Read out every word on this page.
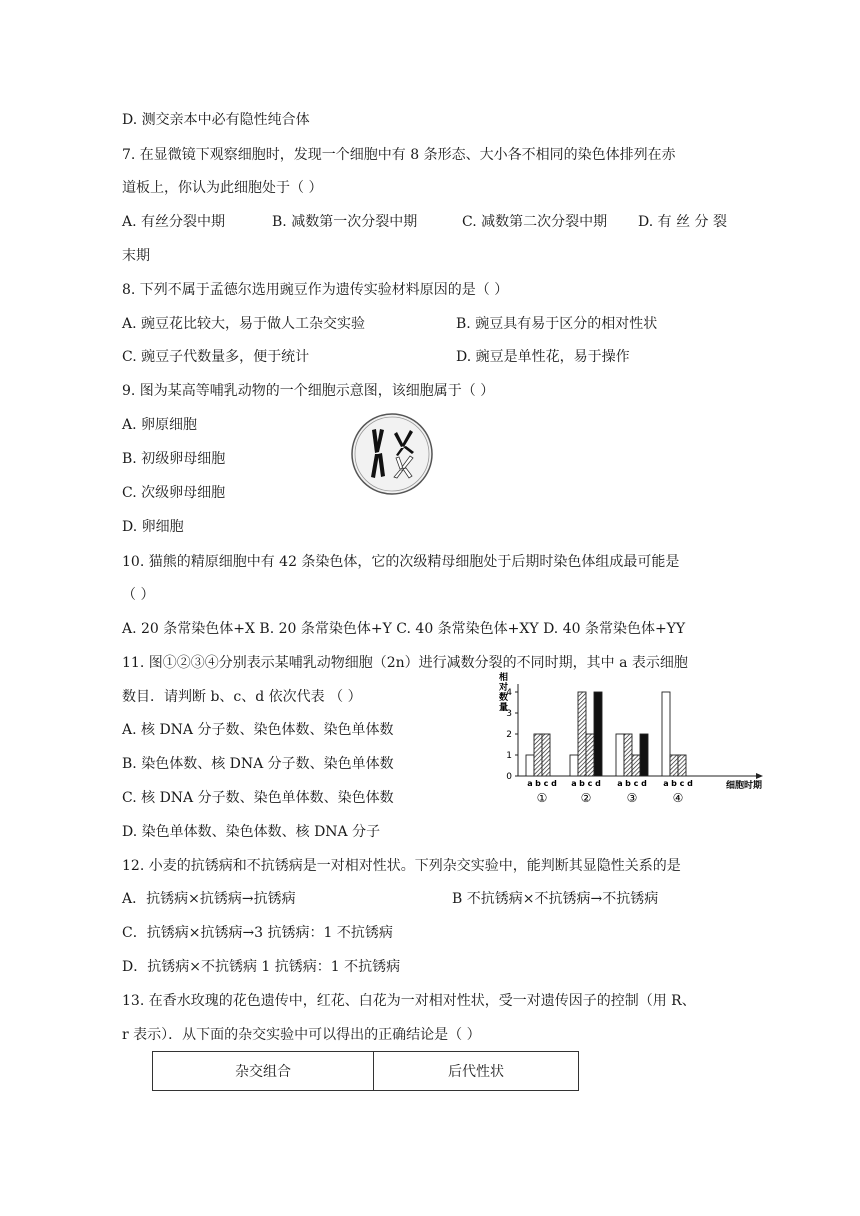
D. 测交亲本中必有隐性纯合体
7. 在显微镜下观察细胞时，发现一个细胞中有 8 条形态、大小各不相同的染色体排列在赤
道板上，你认为此细胞处于（ ）
A. 有丝分裂中期	B. 减数第一次分裂中期	C. 减数第二次分裂中期 D. 有 丝 分 裂
末期
8. 下列不属于孟德尔选用豌豆作为遗传实验材料原因的是（ ）
A. 豌豆花比较大，易于做人工杂交实验	B. 豌豆具有易于区分的相对性状
C. 豌豆子代数量多，便于统计	D. 豌豆是单性花，易于操作
9. 图为某高等哺乳动物的一个细胞示意图，该细胞属于（ ）
A. 卵原细胞
B. 初级卵母细胞
C. 次级卵母细胞
D. 卵细胞
10. 猫熊的精原细胞中有 42 条染色体，它的次级精母细胞处于后期时染色体组成最可能是
（ ）
A. 20 条常染色体+X B. 20 条常染色体+Y C. 40 条常染色体+XY D. 40 条常染色体+YY
11. 图①②③④分别表示某哺乳动物细胞（2n）进行减数分裂的不同时期，其中 a 表示细胞
数目．请判断 b、c、d 依次代表 （ ）
A. 核 DNA 分子数、染色体数、染色单体数
B. 染色体数、核 DNA 分子数、染色单体数
C. 核 DNA 分子数、染色单体数、染色体数
D. 染色单体数、染色体数、核 DNA 分子
相
对
数
量
0
1
2
3
4
a b c d
①
a b c d
②
a b c d
③
a b c d
④
细胞时期
12. 小麦的抗锈病和不抗锈病是一对相对性状。下列杂交实验中，能判断其显隐性关系的是
A．抗锈病×抗锈病→抗锈病	B 不抗锈病×不抗锈病→不抗锈病
C．抗锈病×抗锈病→3 抗锈病：1 不抗锈病
D．抗锈病×不抗锈病 1 抗锈病：1 不抗锈病
13. 在香水玫瑰的花色遗传中，红花、白花为一对相对性状，受一对遗传因子的控制（用 R、
r 表示）．从下面的杂交实验中可以得出的正确结论是（ ）
杂交组合	后代性状
